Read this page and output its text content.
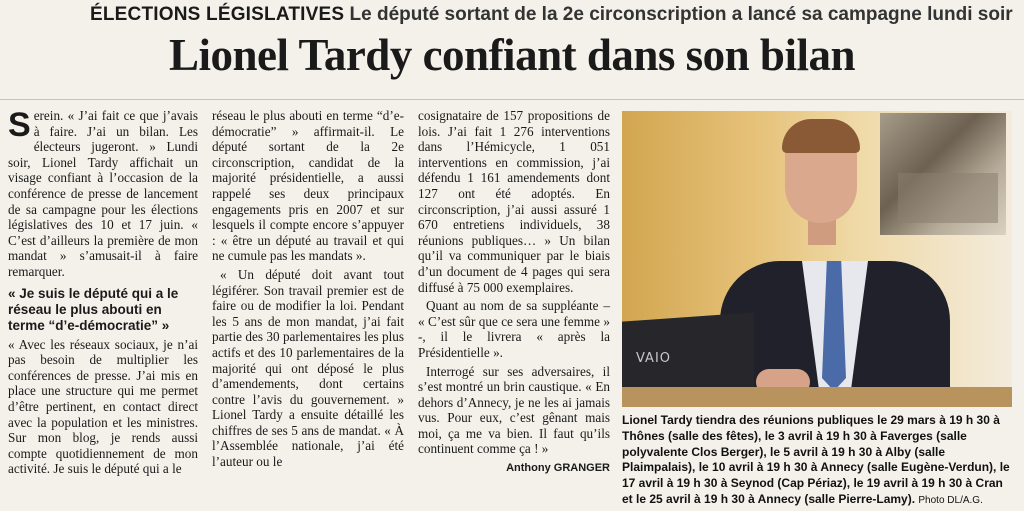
ÉLECTIONS LÉGISLATIVES Le député sortant de la 2e circonscription a lancé sa campagne lundi soir
Lionel Tardy confiant dans son bilan

Serein. « J’ai fait ce que j’avais à faire. J’ai un bilan. Les électeurs jugeront. » Lundi soir, Lionel Tardy affichait un visage confiant à l’occasion de la conférence de presse de lancement de sa campagne pour les élections législatives des 10 et 17 juin. « C’est d’ailleurs la première de mon mandat » s’amusait-il à faire remarquer.

« Je suis le député qui a le réseau le plus abouti en terme “d’e-démocratie” »

« Avec les réseaux sociaux, je n’ai pas besoin de multiplier les conférences de presse. J’ai mis en place une structure qui me permet d’être pertinent, en contact direct avec la population et les ministres. Sur mon blog, je rends aussi compte quotidiennement de mon activité. Je suis le député qui a le

réseau le plus abouti en terme “d’e-démocratie” » affirmait-il. Le député sortant de la 2e circonscription, candidat de la majorité présidentielle, a aussi rappelé ses deux principaux engagements pris en 2007 et sur lesquels il compte encore s’appuyer : « être un député au travail et qui ne cumule pas les mandats ».

« Un député doit avant tout légiférer. Son travail premier est de faire ou de modifier la loi. Pendant les 5 ans de mon mandat, j’ai fait partie des 30 parlementaires les plus actifs et des 10 parlementaires de la majorité qui ont déposé le plus d’amendements, dont certains contre l’avis du gouvernement. » Lionel Tardy a ensuite détaillé les chiffres de ses 5 ans de mandat. « À l’Assemblée nationale, j’ai été l’auteur ou le

cosignataire de 157 propositions de lois. J’ai fait 1 276 interventions dans l’Hémicycle, 1 051 interventions en commission, j’ai défendu 1 161 amendements dont 127 ont été adoptés. En circonscription, j’ai aussi assuré 1 670 entretiens individuels, 38 réunions publiques… » Un bilan qu’il va communiquer par le biais d’un document de 4 pages qui sera diffusé à 75 000 exemplaires.

Quant au nom de sa suppléante – « C’est sûr que ce sera une femme » -, il le livrera « après la Présidentielle ».

Interrogé sur ses adversaires, il s’est montré un brin caustique. « En dehors d’Annecy, je ne les ai jamais vus. Pour eux, c’est gênant mais moi, ça me va bien. Il faut qu’ils continuent comme ça ! »

Anthony GRANGER
VAIO
Lionel Tardy tiendra des réunions publiques le 29 mars à 19 h 30 à Thônes (salle des fêtes), le 3 avril à 19 h 30 à Faverges (salle polyvalente Clos Berger), le 5 avril à 19 h 30 à Alby (salle Plaimpalais), le 10 avril à 19 h 30 à Annecy (salle Eugène-Verdun), le 17 avril à 19 h 30 à Seynod (Cap Périaz), le 19 avril à 19 h 30 à Cran et le 25 avril à 19 h 30 à Annecy (salle Pierre-Lamy). Photo DL/A.G.
